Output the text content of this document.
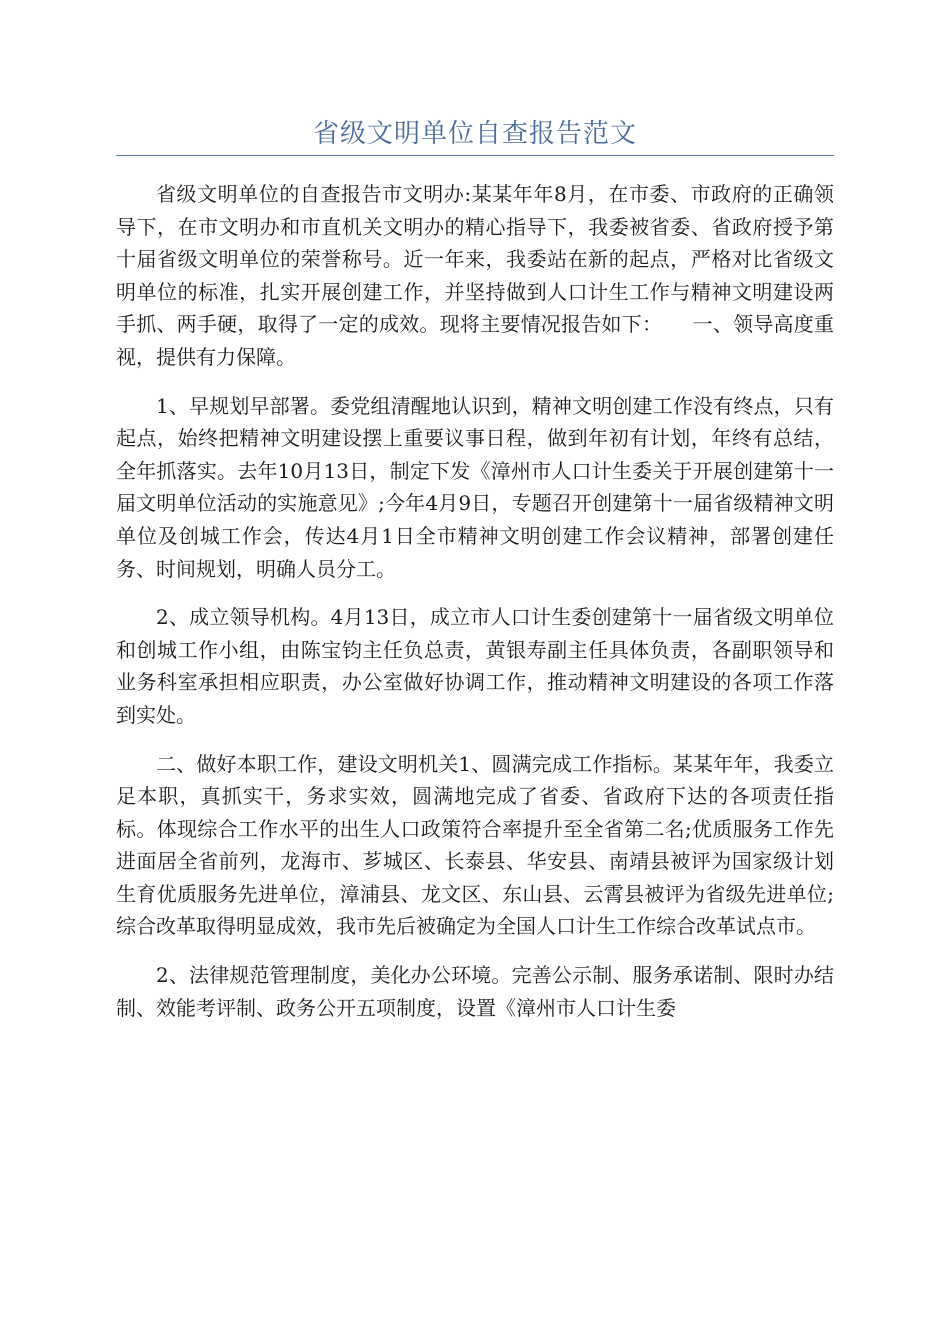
省级文明单位自查报告范文

省级文明单位的自查报告市文明办:某某年年8月，在市委、市政府的正确领导下，在市文明办和市直机关文明办的精心指导下，我委被省委、省政府授予第十届省级文明单位的荣誉称号。近一年来，我委站在新的起点，严格对比省级文明单位的标准，扎实开展创建工作，并坚持做到人口计生工作与精神文明建设两手抓、两手硬，取得了一定的成效。现将主要情况报告如下：　　一、领导高度重视，提供有力保障。

1、早规划早部署。委党组清醒地认识到，精神文明创建工作没有终点，只有起点，始终把精神文明建设摆上重要议事日程，做到年初有计划，年终有总结，全年抓落实。去年10月13日，制定下发《漳州市人口计生委关于开展创建第十一届文明单位活动的实施意见》;今年4月9日，专题召开创建第十一届省级精神文明单位及创城工作会，传达4月1日全市精神文明创建工作会议精神，部署创建任务、时间规划，明确人员分工。

2、成立领导机构。4月13日，成立市人口计生委创建第十一届省级文明单位和创城工作小组，由陈宝钧主任负总责，黄银寿副主任具体负责，各副职领导和业务科室承担相应职责，办公室做好协调工作，推动精神文明建设的各项工作落到实处。

二、做好本职工作，建设文明机关1、圆满完成工作指标。某某年年，我委立足本职，真抓实干，务求实效，圆满地完成了省委、省政府下达的各项责任指标。体现综合工作水平的出生人口政策符合率提升至全省第二名;优质服务工作先进面居全省前列，龙海市、芗城区、长泰县、华安县、南靖县被评为国家级计划生育优质服务先进单位，漳浦县、龙文区、东山县、云霄县被评为省级先进单位;综合改革取得明显成效，我市先后被确定为全国人口计生工作综合改革试点市。

2、法律规范管理制度，美化办公环境。完善公示制、服务承诺制、限时办结制、效能考评制、政务公开五项制度，设置《漳州市人口计生委
